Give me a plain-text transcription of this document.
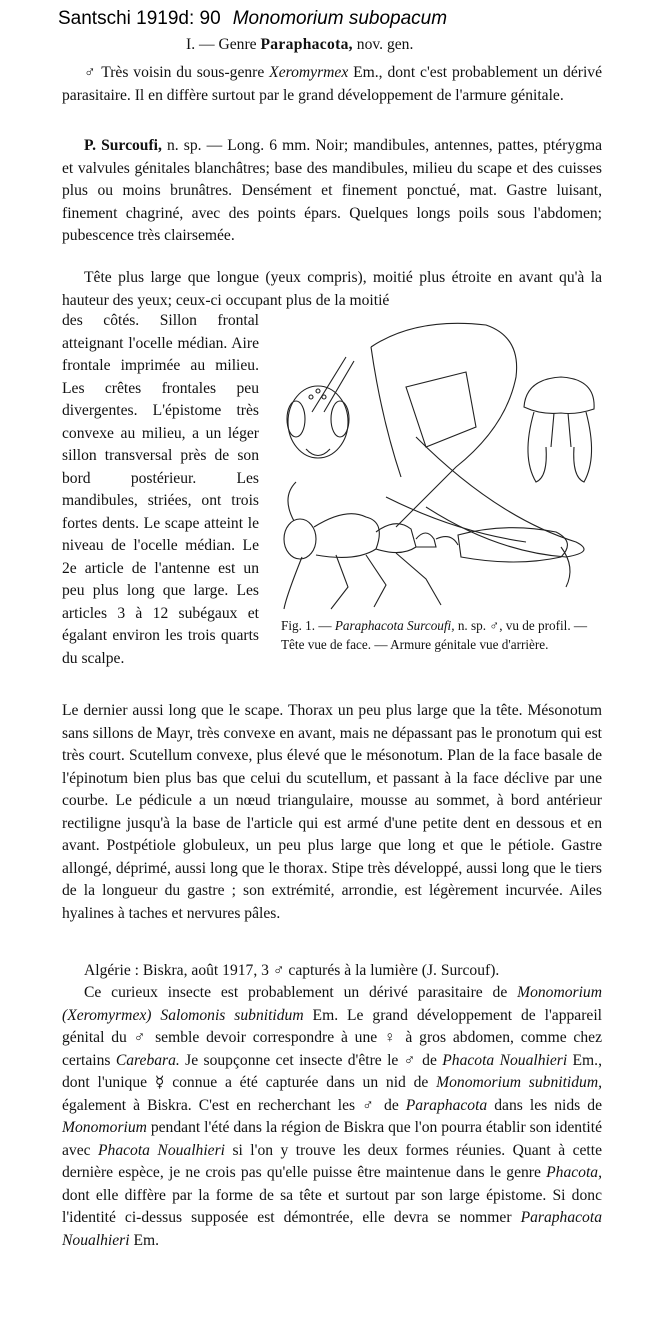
Santschi 1919d: 90 Monomorium subopacum
I. — Genre Paraphacota, nov. gen.

♂ Très voisin du sous-genre Xeromyrmex Em., dont c'est probablement un dérivé parasitaire. Il en diffère surtout par le grand développement de l'armure génitale.

P. Surcoufi, n. sp. — Long. 6 mm. Noir; mandibules, antennes, pattes, ptérygma et valvules génitales blanchâtres; base des mandibules, milieu du scape et des cuisses plus ou moins brunâtres. Densément et finement ponctué, mat. Gastre luisant, finement chagriné, avec des points épars. Quelques longs poils sous l'abdomen; pubescence très clairsemée.

Tête plus large que longue (yeux compris), moitié plus étroite en avant qu'à la hauteur des yeux; ceux-ci occupant plus de la moitié

des côtés. Sillon frontal atteignant l'ocelle médian. Aire frontale imprimée au milieu. Les crêtes frontales peu divergentes. L'épistome très convexe au milieu, a un léger sillon transversal près de son bord postérieur. Les mandibules, striées, ont trois fortes dents. Le scape atteint le niveau de l'ocelle médian. Le 2e article de l'antenne est un peu plus long que large. Les articles 3 à 12 subégaux et égalant environ les trois quarts du scalpe.

Fig. 1. — Paraphacota Surcoufi, n. sp. ♂, vu de profil. — Tête vue de face. — Armure génitale vue d'arrière.

Le dernier aussi long que le scape. Thorax un peu plus large que la tête. Mésonotum sans sillons de Mayr, très convexe en avant, mais ne dépassant pas le pronotum qui est très court. Scutellum convexe, plus élevé que le mésonotum. Plan de la face basale de l'épinotum bien plus bas que celui du scutellum, et passant à la face déclive par une courbe. Le pédicule a un nœud triangulaire, mousse au sommet, à bord antérieur rectiligne jusqu'à la base de l'article qui est armé d'une petite dent en dessous et en avant. Postpétiole globuleux, un peu plus large que long et que le pétiole. Gastre allongé, déprimé, aussi long que le thorax. Stipe très développé, aussi long que le tiers de la longueur du gastre ; son extrémité, arrondie, est légèrement incurvée. Ailes hyalines à taches et nervures pâles.

Algérie : Biskra, août 1917, 3 ♂ capturés à la lumière (J. Surcouf).

Ce curieux insecte est probablement un dérivé parasitaire de Monomorium (Xeromyrmex) Salomonis subnitidum Em. Le grand développement de l'appareil génital du ♂ semble devoir correspondre à une ♀ à gros abdomen, comme chez certains Carebara. Je soupçonne cet insecte d'être le ♂ de Phacota Noualhieri Em., dont l'unique ☿ connue a été capturée dans un nid de Monomorium subnitidum, également à Biskra. C'est en recherchant les ♂ de Paraphacota dans les nids de Monomorium pendant l'été dans la région de Biskra que l'on pourra établir son identité avec Phacota Noualhieri si l'on y trouve les deux formes réunies. Quant à cette dernière espèce, je ne crois pas qu'elle puisse être maintenue dans le genre Phacota, dont elle diffère par la forme de sa tête et surtout par son large épistome. Si donc l'identité ci-dessus supposée est démontrée, elle devra se nommer Paraphacota Noualhieri Em.
